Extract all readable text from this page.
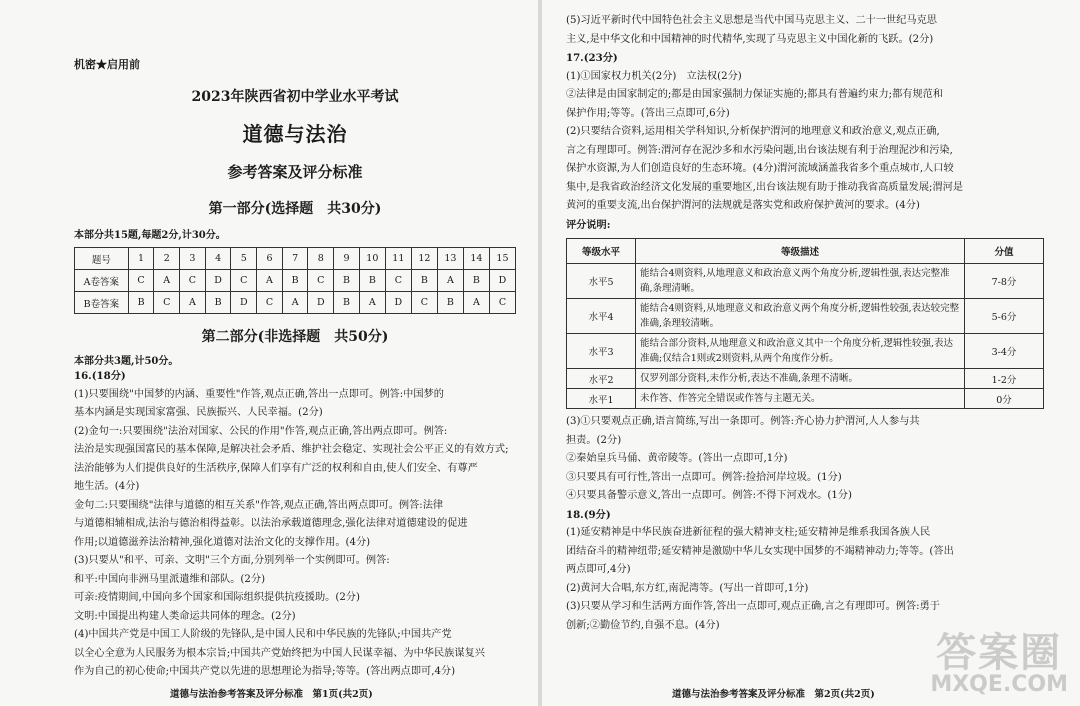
机密★启用前

2023年陕西省初中学业水平考试

道德与法治

参考答案及评分标准

第一部分(选择题　共30分)

本部分共15题,每题2分,计30分。

题号	1	2	3	4	5	6	7	8	9	10	11	12	13	14	15
A卷答案	C	A	C	D	C	A	B	C	B	B	C	B	A	B	D
B卷答案	B	C	A	B	D	C	A	D	B	A	D	C	B	A	C

第二部分(非选择题　共50分)

本部分共3题,计50分。

16.(18分)

(1)只要围绕"中国梦的内涵、重要性"作答,观点正确,答出一点即可。例答:中国梦的

基本内涵是实现国家富强、民族振兴、人民幸福。(2分)

(2)金句一:只要围绕"法治对国家、公民的作用"作答,观点正确,答出两点即可。例答:

法治是实现强国富民的基本保障,是解决社会矛盾、维护社会稳定、实现社会公平正义的有效方式;

法治能够为人们提供良好的生活秩序,保障人们享有广泛的权利和自由,使人们安全、有尊严

地生活。(4分)

金句二:只要围绕"法律与道德的相互关系"作答,观点正确,答出两点即可。例答:法律

与道德相辅相成,法治与德治相得益彰。以法治承载道德理念,强化法律对道德建设的促进

作用;以道德滋养法治精神,强化道德对法治文化的支撑作用。(4分)

(3)只要从"和平、可亲、文明"三个方面,分别列举一个实例即可。例答:

和平:中国向非洲马里派遣维和部队。(2分)

可亲:疫情期间,中国向多个国家和国际组织提供抗疫援助。(2分)

文明:中国提出构建人类命运共同体的理念。(2分)

(4)中国共产党是中国工人阶级的先锋队,是中国人民和中华民族的先锋队;中国共产党

以全心全意为人民服务为根本宗旨;中国共产党始终把为中国人民谋幸福、为中华民族谋复兴

作为自己的初心使命;中国共产党以先进的思想理论为指导;等等。(答出两点即可,4分)

道德与法治参考答案及评分标准　第1页(共2页)

(5)习近平新时代中国特色社会主义思想是当代中国马克思主义、二十一世纪马克思

主义,是中华文化和中国精神的时代精华,实现了马克思主义中国化新的飞跃。(2分)

17.(23分)

(1)①国家权力机关(2分)　立法权(2分)

②法律是由国家制定的;都是由国家强制力保证实施的;都具有普遍约束力;都有规范和

保护作用;等等。(答出三点即可,6分)

(2)只要结合资料,运用相关学科知识,分析保护渭河的地理意义和政治意义,观点正确,

言之有理即可。例答:渭河存在泥沙多和水污染问题,出台该法规有利于治理泥沙和污染,

保护水资源,为人们创造良好的生态环境。(4分)渭河流域涵盖我省多个重点城市,人口较

集中,是我省政治经济文化发展的重要地区,出台该法规有助于推动我省高质量发展;渭河是

黄河的重要支流,出台保护渭河的法规就是落实党和政府保护黄河的要求。(4分)

评分说明:

等级水平	等级描述	分值
水平5	能结合4则资料,从地理意义和政治意义两个角度分析,逻辑性强,表达完整准确,条理清晰。	7-8分
水平4	能结合4则资料,从地理意义和政治意义两个角度分析,逻辑性较强,表达较完整准确,条理较清晰。	5-6分
水平3	能结合部分资料,从地理意义和政治意义其中一个角度分析,逻辑性较强,表达准确;仅结合1则或2则资料,从两个角度作分析。	3-4分
水平2	仅罗列部分资料,未作分析,表达不准确,条理不清晰。	1-2分
水平1	未作答、作答完全错误或作答与主题无关。	0分

(3)①只要观点正确,语言简练,写出一条即可。例答:齐心协力护渭河,人人参与共

担责。(2分)

②秦始皇兵马俑、黄帝陵等。(答出一点即可,1分)

③只要具有可行性,答出一点即可。例答:捡拾河岸垃圾。(1分)

④只要具备警示意义,答出一点即可。例答:不得下河戏水。(1分)

18.(9分)

(1)延安精神是中华民族奋进新征程的强大精神支柱;延安精神是维系我国各族人民

团结奋斗的精神纽带;延安精神是激励中华儿女实现中国梦的不竭精神动力;等等。(答出

两点即可,4分)

(2)黄河大合唱,东方红,南泥湾等。(写出一首即可,1分)

(3)只要从学习和生活两方面作答,答出一点即可,观点正确,言之有理即可。例答:勇于

创新;②勤俭节约,自强不息。(4分)

道德与法治参考答案及评分标准　第2页(共2页)

答案圈
MXQE.COM
